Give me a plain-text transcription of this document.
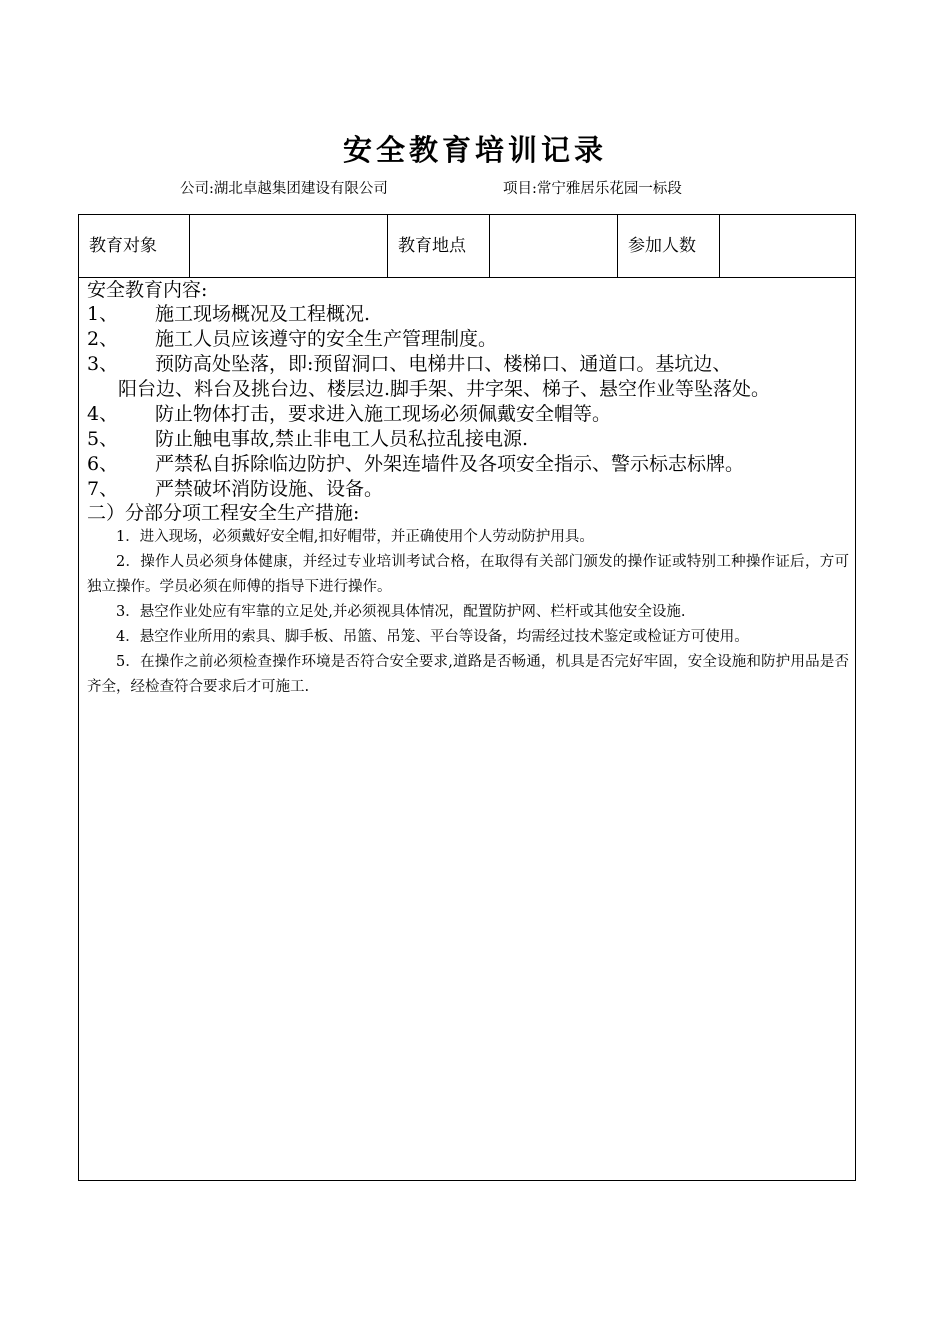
安全教育培训记录
公司:湖北卓越集团建设有限公司	项目:常宁雅居乐花园一标段
教育对象	教育地点	参加人数
安全教育内容:
1、	施工现场概况及工程概况.
2、	施工人员应该遵守的安全生产管理制度。
3、	预防高处坠落，即:预留洞口、电梯井口、楼梯口、通道口。基坑边、
阳台边、料台及挑台边、楼层边.脚手架、井字架、梯子、悬空作业等坠落处。
4、	防止物体打击，要求进入施工现场必须佩戴安全帽等。
5、	防止触电事故,禁止非电工人员私拉乱接电源.
6、	严禁私自拆除临边防护、外架连墙件及各项安全指示、警示标志标牌。
7、	严禁破坏消防设施、设备。
二）分部分项工程安全生产措施:
1．进入现场，必须戴好安全帽,扣好帽带，并正确使用个人劳动防护用具。
2．操作人员必须身体健康，并经过专业培训考试合格，在取得有关部门颁发的操作证或特别工种操作证后，方可独立操作。学员必须在师傅的指导下进行操作。
3．悬空作业处应有牢靠的立足处,并必须视具体情况，配置防护网、栏杆或其他安全设施.
4．悬空作业所用的索具、脚手板、吊篮、吊笼、平台等设备，均需经过技术鉴定或检证方可使用。
5．在操作之前必须检查操作环境是否符合安全要求,道路是否畅通，机具是否完好牢固，安全设施和防护用品是否齐全，经检查符合要求后才可施工.
